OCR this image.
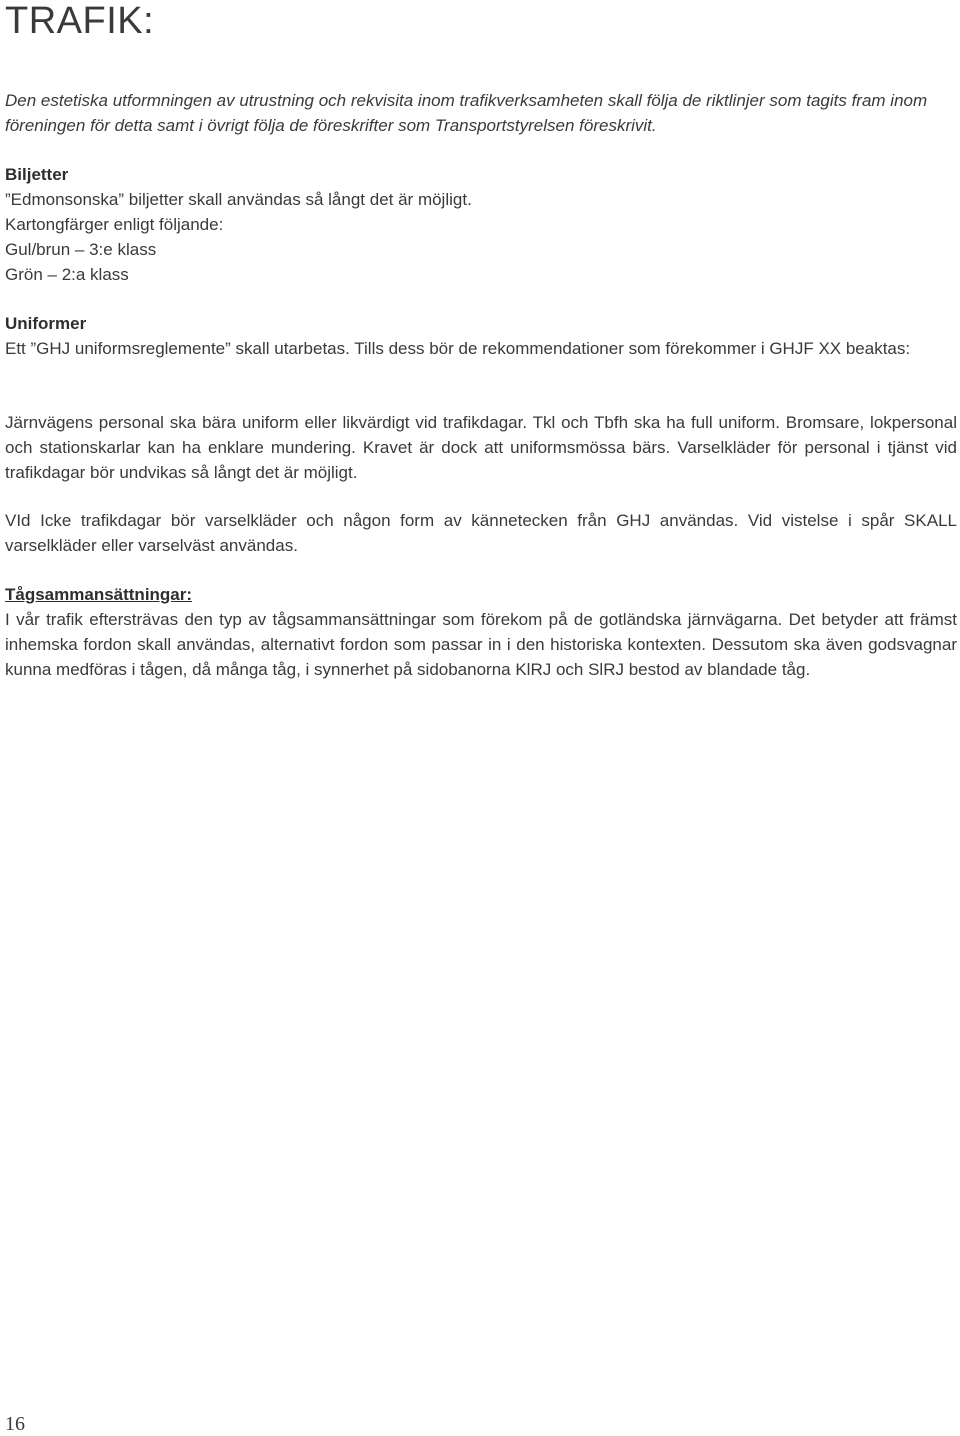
TRAFIK:

Den estetiska utformningen av utrustning och rekvisita inom trafikverksamheten skall följa de riktlinjer som tagits fram inom föreningen för detta samt i övrigt följa de föreskrifter som Transportstyrelsen föreskrivit.

Biljetter
”Edmonsonska” biljetter skall användas så långt det är möjligt.
Kartongfärger enligt följande:
Gul/brun – 3:e klass
Grön – 2:a klass
Uniformer
Ett ”GHJ uniformsreglemente” skall utarbetas. Tills dess bör de rekommendationer som förekommer i GHJF XX beaktas:

Järnvägens personal ska bära uniform eller likvärdigt vid trafikdagar. Tkl och Tbfh ska ha full uniform. Bromsare, lokpersonal och stationskarlar kan ha enklare mundering. Kravet är dock att uniformsmössa bärs. Varselkläder för personal i tjänst vid trafikdagar bör undvikas så långt det är möjligt.

VId Icke trafikdagar bör varselkläder och någon form av kännetecken från GHJ användas. Vid vistelse i spår SKALL varselkläder eller varselväst användas.

Tågsammansättningar:
I vår trafik eftersträvas den typ av tågsammansättningar som förekom på de gotländska järnvägarna. Det betyder att främst inhemska fordon skall användas, alternativt fordon som passar in i den historiska kontexten. Dessutom ska även godsvagnar kunna medföras i tågen, då många tåg, i synnerhet på sidobanorna KlRJ och SlRJ bestod av blandade tåg.
16
